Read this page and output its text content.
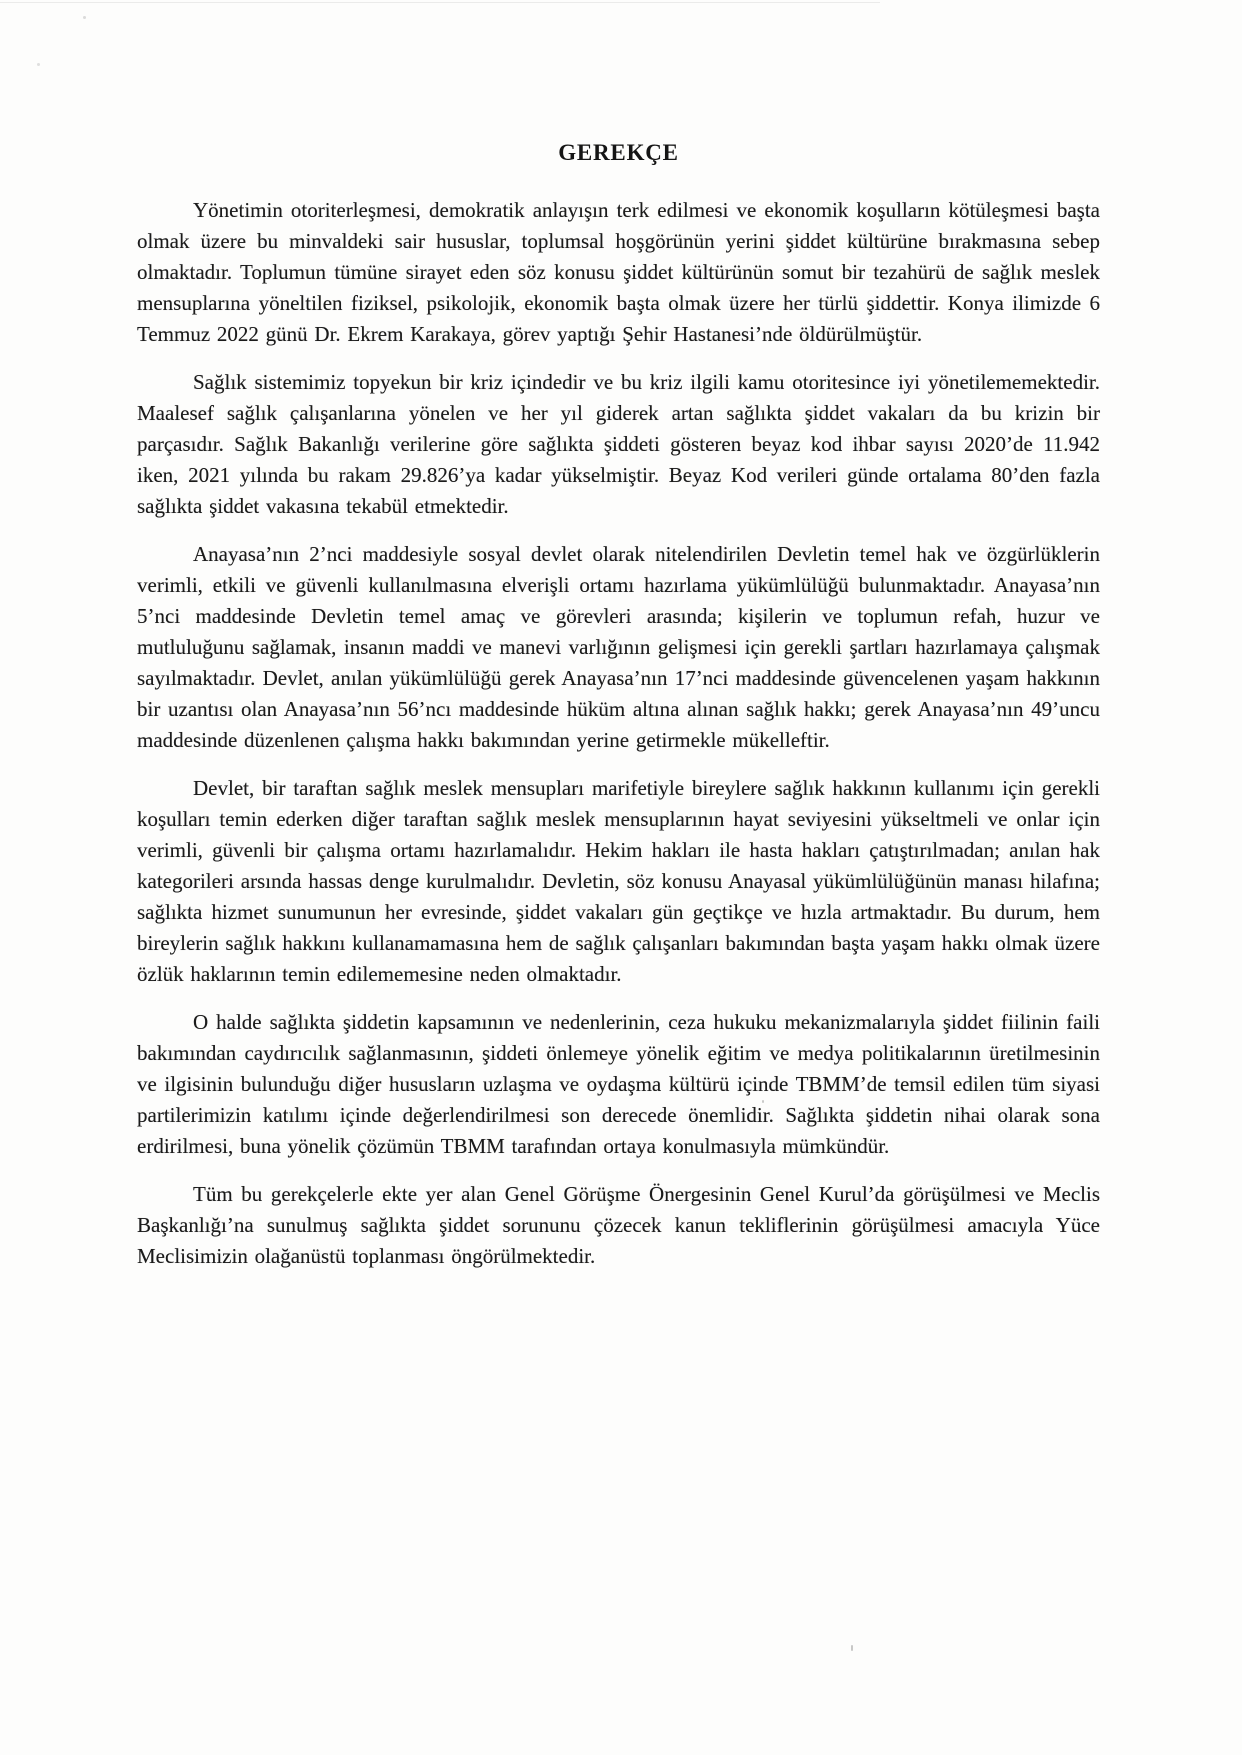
GEREKÇE

Yönetimin otoriterleşmesi, demokratik anlayışın terk edilmesi ve ekonomik koşulların kötüleşmesi başta olmak üzere bu minvaldeki sair hususlar, toplumsal hoşgörünün yerini şiddet kültürüne bırakmasına sebep olmaktadır. Toplumun tümüne sirayet eden söz konusu şiddet kültürünün somut bir tezahürü de sağlık meslek mensuplarına yöneltilen fiziksel, psikolojik, ekonomik başta olmak üzere her türlü şiddettir. Konya ilimizde 6 Temmuz 2022 günü Dr. Ekrem Karakaya, görev yaptığı Şehir Hastanesi’nde öldürülmüştür.

Sağlık sistemimiz topyekun bir kriz içindedir ve bu kriz ilgili kamu otoritesince iyi yönetilememektedir. Maalesef sağlık çalışanlarına yönelen ve her yıl giderek artan sağlıkta şiddet vakaları da bu krizin bir parçasıdır. Sağlık Bakanlığı verilerine göre sağlıkta şiddeti gösteren beyaz kod ihbar sayısı 2020’de 11.942 iken, 2021 yılında bu rakam 29.826’ya kadar yükselmiştir. Beyaz Kod verileri günde ortalama 80’den fazla sağlıkta şiddet vakasına tekabül etmektedir.

Anayasa’nın 2’nci maddesiyle sosyal devlet olarak nitelendirilen Devletin temel hak ve özgürlüklerin verimli, etkili ve güvenli kullanılmasına elverişli ortamı hazırlama yükümlülüğü bulunmaktadır. Anayasa’nın 5’nci maddesinde Devletin temel amaç ve görevleri arasında; kişilerin ve toplumun refah, huzur ve mutluluğunu sağlamak, insanın maddi ve manevi varlığının gelişmesi için gerekli şartları hazırlamaya çalışmak sayılmaktadır. Devlet, anılan yükümlülüğü gerek Anayasa’nın 17’nci maddesinde güvencelenen yaşam hakkının bir uzantısı olan Anayasa’nın 56’ncı maddesinde hüküm altına alınan sağlık hakkı; gerek Anayasa’nın 49’uncu maddesinde düzenlenen çalışma hakkı bakımından yerine getirmekle mükelleftir.

Devlet, bir taraftan sağlık meslek mensupları marifetiyle bireylere sağlık hakkının kullanımı için gerekli koşulları temin ederken diğer taraftan sağlık meslek mensuplarının hayat seviyesini yükseltmeli ve onlar için verimli, güvenli bir çalışma ortamı hazırlamalıdır. Hekim hakları ile hasta hakları çatıştırılmadan; anılan hak kategorileri arsında hassas denge kurulmalıdır. Devletin, söz konusu Anayasal yükümlülüğünün manası hilafına; sağlıkta hizmet sunumunun her evresinde, şiddet vakaları gün geçtikçe ve hızla artmaktadır. Bu durum, hem bireylerin sağlık hakkını kullanamamasına hem de sağlık çalışanları bakımından başta yaşam hakkı olmak üzere özlük haklarının temin edilememesine neden olmaktadır.

O halde sağlıkta şiddetin kapsamının ve nedenlerinin, ceza hukuku mekanizmalarıyla şiddet fiilinin faili bakımından caydırıcılık sağlanmasının, şiddeti önlemeye yönelik eğitim ve medya politikalarının üretilmesinin ve ilgisinin bulunduğu diğer hususların uzlaşma ve oydaşma kültürü içinde TBMM’de temsil edilen tüm siyasi partilerimizin katılımı içinde değerlendirilmesi son derecede önemlidir. Sağlıkta şiddetin nihai olarak sona erdirilmesi, buna yönelik çözümün TBMM tarafından ortaya konulmasıyla mümkündür.

Tüm bu gerekçelerle ekte yer alan Genel Görüşme Önergesinin Genel Kurul’da görüşülmesi ve Meclis Başkanlığı’na sunulmuş sağlıkta şiddet sorununu çözecek kanun tekliflerinin görüşülmesi amacıyla Yüce Meclisimizin olağanüstü toplanması öngörülmektedir.
